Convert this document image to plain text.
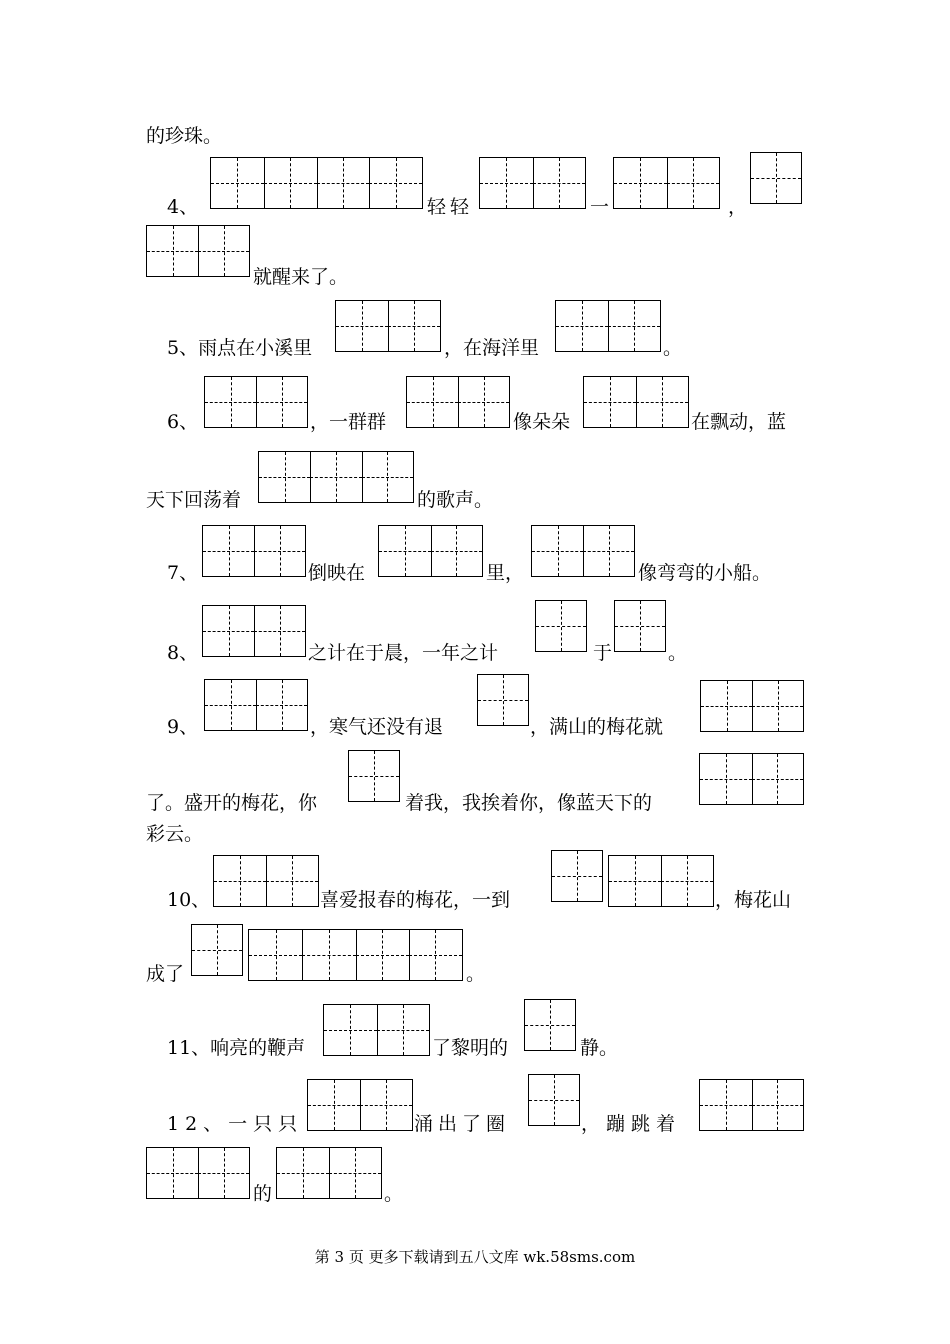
的珍珠。
4、	轻轻	一	，
就醒来了。
5、雨点在小溪里	，在海洋里	。
6、	，一群群	像朵朵	在飘动，蓝
天下回荡着	的歌声。
7、	倒映在	里，	像弯弯的小船。
8、	之计在于晨，一年之计	于	。
9、	，寒气还没有退	，满山的梅花就
了。盛开的梅花，你	着我，我挨着你，像蓝天下的
彩云。
10、	喜爱报春的梅花，一到	，梅花山
成了	。
11、响亮的鞭声	了黎明的	静。
12、一只只	涌出了圈	，蹦跳着
的	。
第 3 页 更多下载请到五八文库 wk.58sms.com
